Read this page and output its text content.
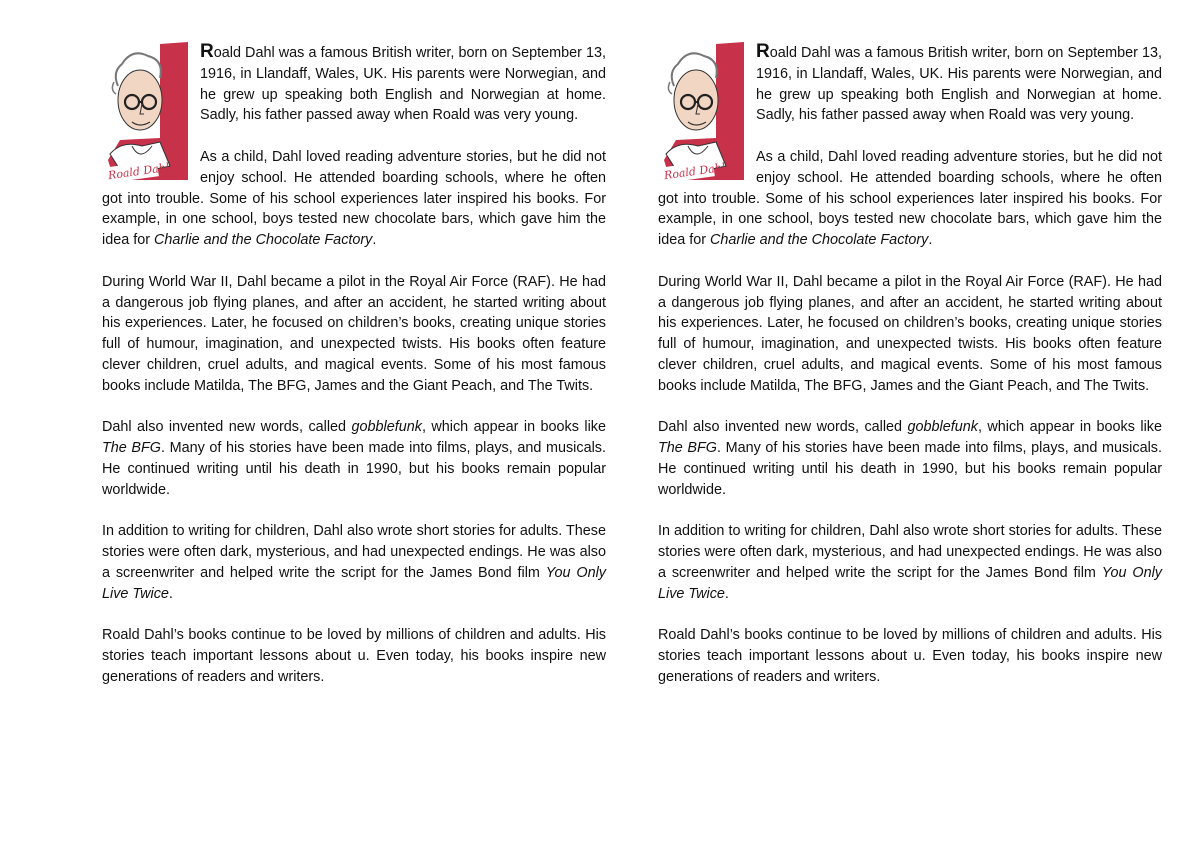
Roald Dahl

Roald Dahl was a famous British writer, born on September 13, 1916, in Llandaff, Wales, UK. His parents were Norwegian, and he grew up speaking both English and Norwegian at home. Sadly, his father passed away when Roald was very young.

As a child, Dahl loved reading adventure stories, but he did not enjoy school. He attended boarding schools, where he often got into trouble. Some of his school experiences later inspired his books. For example, in one school, boys tested new chocolate bars, which gave him the idea for Charlie and the Chocolate Factory.

During World War II, Dahl became a pilot in the Royal Air Force (RAF). He had a dangerous job flying planes, and after an accident, he started writing about his experiences. Later, he focused on children’s books, creating unique stories full of humour, imagination, and unexpected twists. His books often feature clever children, cruel adults, and magical events. Some of his most famous books include Matilda, The BFG, James and the Giant Peach, and The Twits.

Dahl also invented new words, called gobblefunk, which appear in books like The BFG. Many of his stories have been made into films, plays, and musicals. He continued writing until his death in 1990, but his books remain popular worldwide.

In addition to writing for children, Dahl also wrote short stories for adults. These stories were often dark, mysterious, and had unexpected endings. He was also a screenwriter and helped write the script for the James Bond film You Only Live Twice.

Roald Dahl’s books continue to be loved by millions of children and adults. His stories teach important lessons about u. Even today, his books inspire new generations of readers and writers.

Roald Dahl

Roald Dahl was a famous British writer, born on September 13, 1916, in Llandaff, Wales, UK. His parents were Norwegian, and he grew up speaking both English and Norwegian at home. Sadly, his father passed away when Roald was very young.

As a child, Dahl loved reading adventure stories, but he did not enjoy school. He attended boarding schools, where he often got into trouble. Some of his school experiences later inspired his books. For example, in one school, boys tested new chocolate bars, which gave him the idea for Charlie and the Chocolate Factory.

During World War II, Dahl became a pilot in the Royal Air Force (RAF). He had a dangerous job flying planes, and after an accident, he started writing about his experiences. Later, he focused on children’s books, creating unique stories full of humour, imagination, and unexpected twists. His books often feature clever children, cruel adults, and magical events. Some of his most famous books include Matilda, The BFG, James and the Giant Peach, and The Twits.

Dahl also invented new words, called gobblefunk, which appear in books like The BFG. Many of his stories have been made into films, plays, and musicals. He continued writing until his death in 1990, but his books remain popular worldwide.

In addition to writing for children, Dahl also wrote short stories for adults. These stories were often dark, mysterious, and had unexpected endings. He was also a screenwriter and helped write the script for the James Bond film You Only Live Twice.

Roald Dahl’s books continue to be loved by millions of children and adults. His stories teach important lessons about u. Even today, his books inspire new generations of readers and writers.
